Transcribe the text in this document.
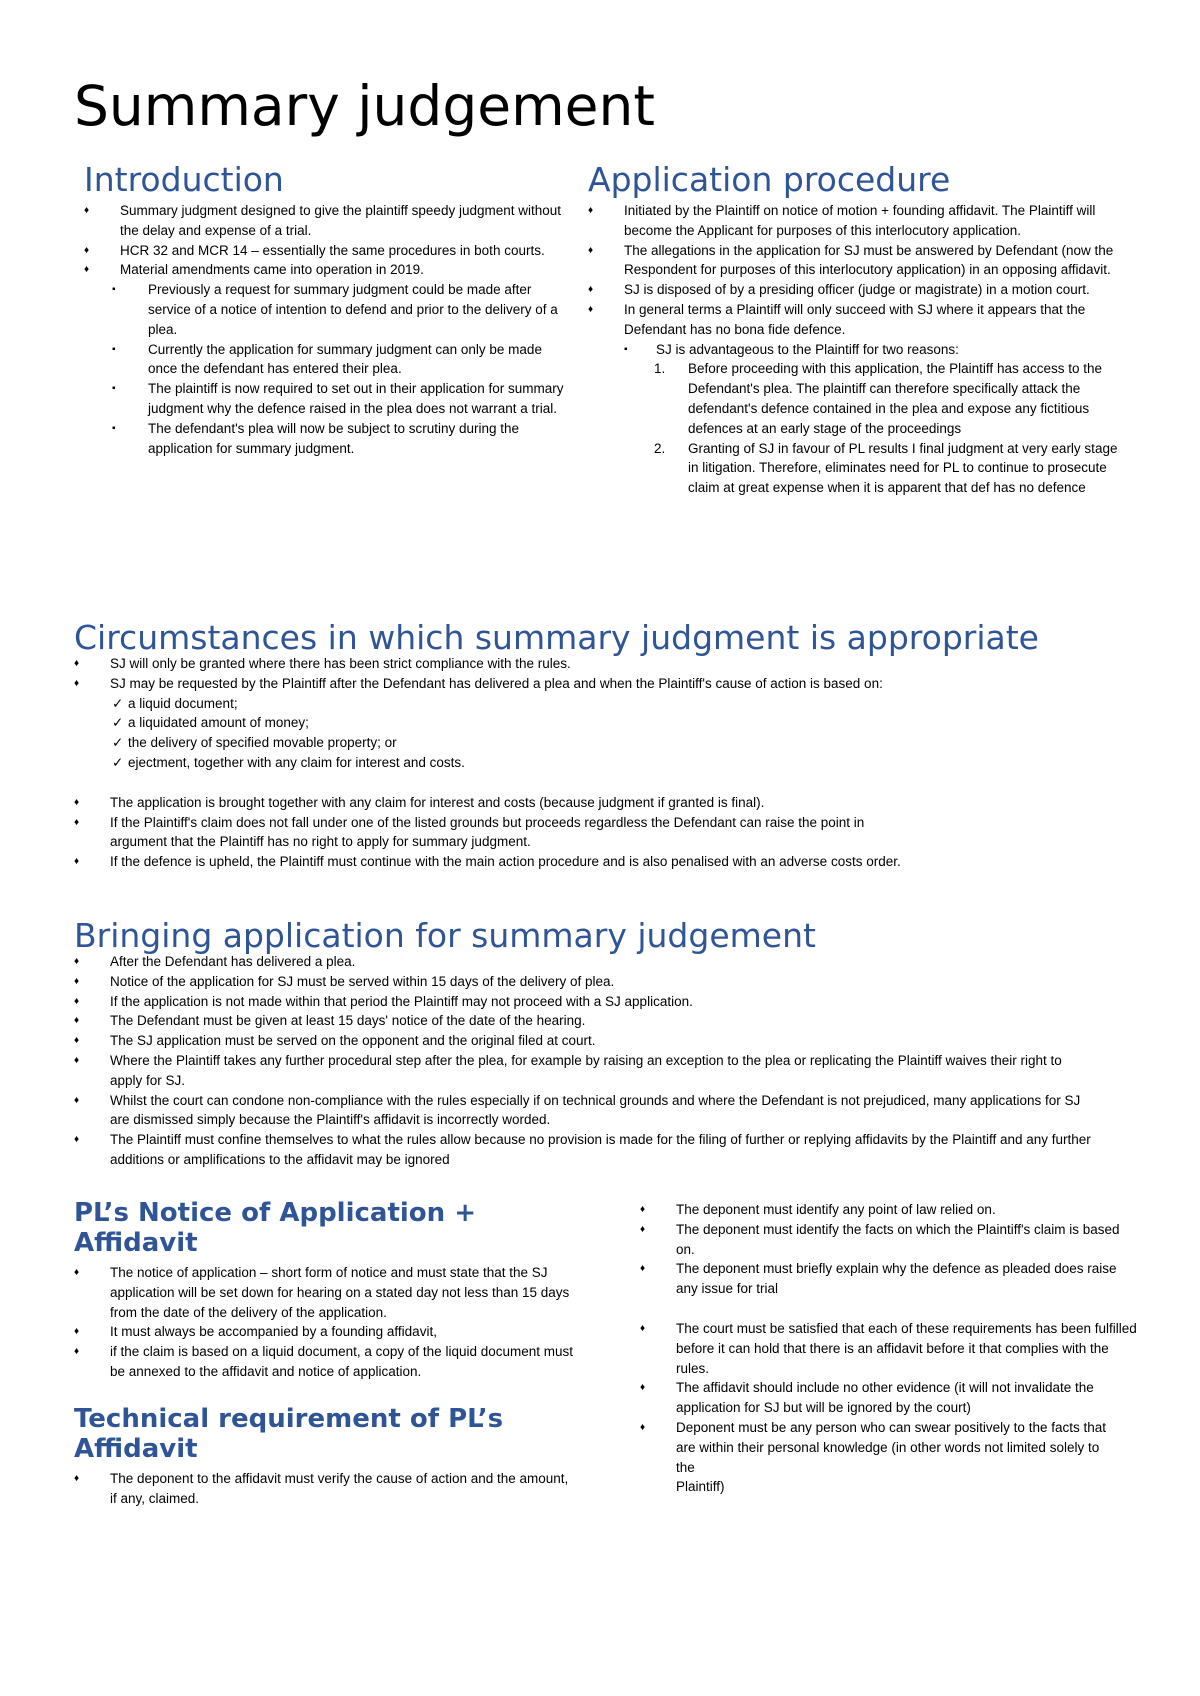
Summary judgement
Introduction
♦ Summary judgment designed to give the plaintiff speedy judgment without the delay and expense of a trial.
♦ HCR 32 and MCR 14 – essentially the same procedures in both courts.
♦ Material amendments came into operation in 2019.
▪ Previously a request for summary judgment could be made after service of a notice of intention to defend and prior to the delivery of a plea.
▪ Currently the application for summary judgment can only be made once the defendant has entered their plea.
▪ The plaintiff is now required to set out in their application for summary judgment why the defence raised in the plea does not warrant a trial.
▪ The defendant's plea will now be subject to scrutiny during the application for summary judgment.
Application procedure
♦ Initiated by the Plaintiff on notice of motion + founding affidavit. The Plaintiff will become the Applicant for purposes of this interlocutory application.
♦ The allegations in the application for SJ must be answered by Defendant (now the Respondent for purposes of this interlocutory application) in an opposing affidavit.
♦ SJ is disposed of by a presiding officer (judge or magistrate) in a motion court.
♦ In general terms a Plaintiff will only succeed with SJ where it appears that the Defendant has no bona fide defence.
▪ SJ is advantageous to the Plaintiff for two reasons:
1. Before proceeding with this application, the Plaintiff has access to the Defendant's plea. The plaintiff can therefore specifically attack the defendant's defence contained in the plea and expose any fictitious defences at an early stage of the proceedings
2. Granting of SJ in favour of PL results I final judgment at very early stage in litigation. Therefore, eliminates need for PL to continue to prosecute claim at great expense when it is apparent that def has no defence
Circumstances in which summary judgment is appropriate
♦ SJ will only be granted where there has been strict compliance with the rules.
♦ SJ may be requested by the Plaintiff after the Defendant has delivered a plea and when the Plaintiff's cause of action is based on:
✓ a liquid document;
✓ a liquidated amount of money;
✓ the delivery of specified movable property; or
✓ ejectment, together with any claim for interest and costs.
♦ The application is brought together with any claim for interest and costs (because judgment if granted is final).
♦ If the Plaintiff's claim does not fall under one of the listed grounds but proceeds regardless the Defendant can raise the point in argument that the Plaintiff has no right to apply for summary judgment.
♦ If the defence is upheld, the Plaintiff must continue with the main action procedure and is also penalised with an adverse costs order.
Bringing application for summary judgement
♦ After the Defendant has delivered a plea.
♦ Notice of the application for SJ must be served within 15 days of the delivery of plea.
♦ If the application is not made within that period the Plaintiff may not proceed with a SJ application.
♦ The Defendant must be given at least 15 days' notice of the date of the hearing.
♦ The SJ application must be served on the opponent and the original filed at court.
♦ Where the Plaintiff takes any further procedural step after the plea, for example by raising an exception to the plea or replicating the Plaintiff waives their right to apply for SJ.
♦ Whilst the court can condone non-compliance with the rules especially if on technical grounds and where the Defendant is not prejudiced, many applications for SJ are dismissed simply because the Plaintiff's affidavit is incorrectly worded.
♦ The Plaintiff must confine themselves to what the rules allow because no provision is made for the filing of further or replying affidavits by the Plaintiff and any further additions or amplifications to the affidavit may be ignored
PL’s Notice of Application + Affidavit
♦ The notice of application – short form of notice and must state that the SJ application will be set down for hearing on a stated day not less than 15 days from the date of the delivery of the application.
♦ It must always be accompanied by a founding affidavit,
♦ if the claim is based on a liquid document, a copy of the liquid document must be annexed to the affidavit and notice of application.
Technical requirement of PL’s Affidavit
♦ The deponent to the affidavit must verify the cause of action and the amount, if any, claimed.
♦ The deponent must identify any point of law relied on.
♦ The deponent must identify the facts on which the Plaintiff's claim is based on.
♦ The deponent must briefly explain why the defence as pleaded does raise any issue for trial
♦ The court must be satisfied that each of these requirements has been fulfilled before it can hold that there is an affidavit before it that complies with the
rules.
♦ The affidavit should include no other evidence (it will not invalidate the application for SJ but will be ignored by the court)
♦ Deponent must be any person who can swear positively to the facts that are within their personal knowledge (in other words not limited solely to the
Plaintiff)
